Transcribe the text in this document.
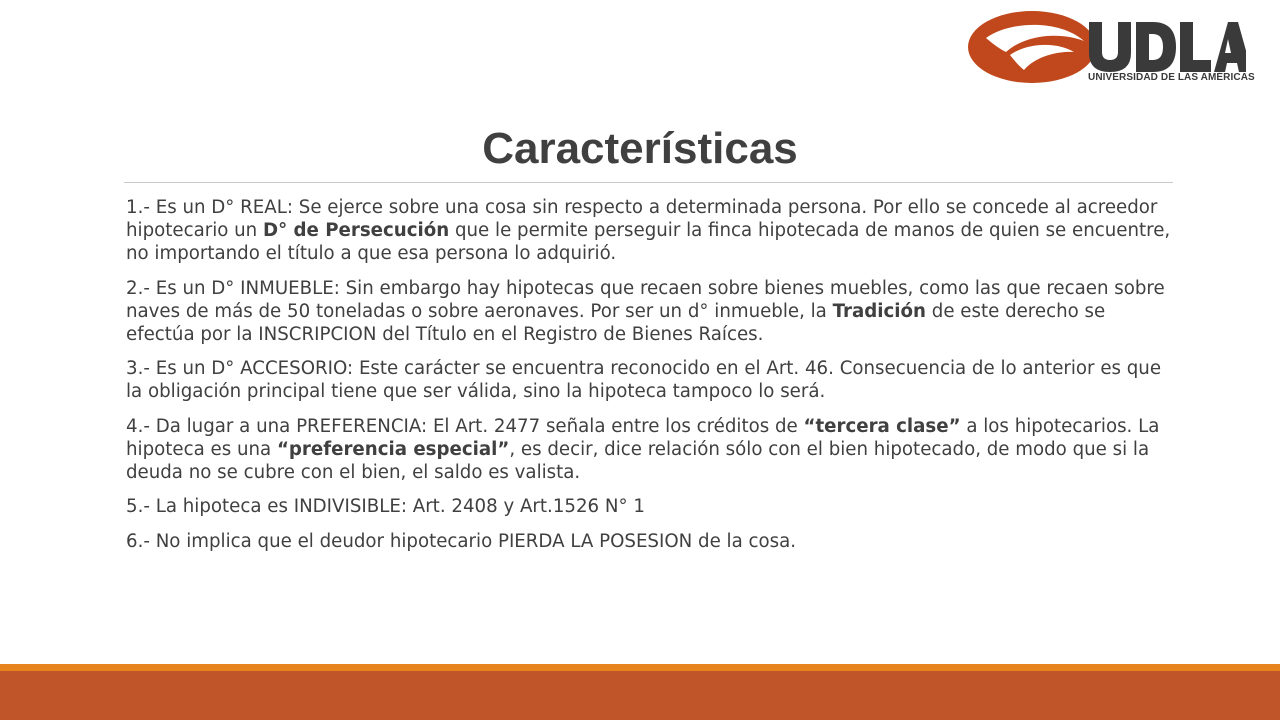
UNIVERSIDAD DE LAS AMÉRICAS
Características

1.- Es un D° REAL: Se ejerce sobre una cosa sin respecto a determinada persona. Por ello se concede al acreedor hipotecario un D° de Persecución que le permite perseguir la finca hipotecada de manos de quien se encuentre, no importando el título a que esa persona lo adquirió.

2.- Es un D° INMUEBLE: Sin embargo hay hipotecas que recaen sobre bienes muebles, como las que recaen sobre naves de más de 50 toneladas o sobre aeronaves. Por ser un d° inmueble, la Tradición de este derecho se efectúa por la INSCRIPCION del Título en el Registro de Bienes Raíces.

3.- Es un D° ACCESORIO: Este carácter se encuentra reconocido en el Art. 46. Consecuencia de lo anterior es que la obligación principal tiene que ser válida, sino la hipoteca tampoco lo será.

4.- Da lugar a una PREFERENCIA: El Art. 2477 señala entre los créditos de “tercera clase” a los hipotecarios. La hipoteca es una “preferencia especial”, es decir, dice relación sólo con el bien hipotecado, de modo que si la deuda no se cubre con el bien, el saldo es valista.

5.- La hipoteca es INDIVISIBLE: Art. 2408 y Art.1526 N° 1

6.- No implica que el deudor hipotecario PIERDA LA POSESION de la cosa.
